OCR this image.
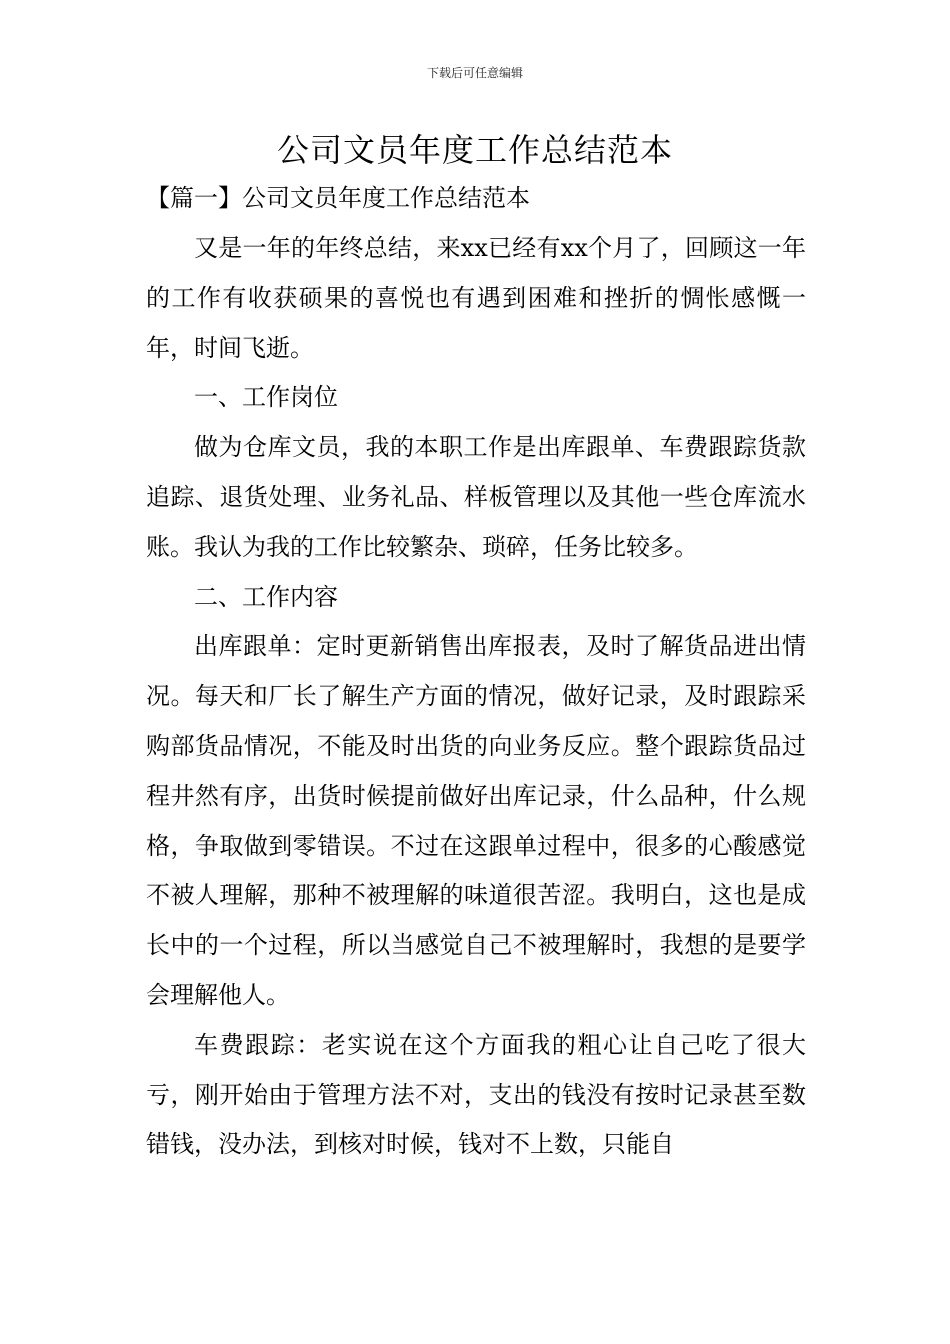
下载后可任意编辑
公司文员年度工作总结范本
【篇一】公司文员年度工作总结范本

又是一年的年终总结，来xx已经有xx个月了，回顾这一年的工作有收获硕果的喜悦也有遇到困难和挫折的惆怅感慨一年，时间飞逝。

一、工作岗位

做为仓库文员，我的本职工作是出库跟单、车费跟踪货款追踪、退货处理、业务礼品、样板管理以及其他一些仓库流水账。我认为我的工作比较繁杂、琐碎，任务比较多。

二、工作内容

出库跟单：定时更新销售出库报表，及时了解货品进出情况。每天和厂长了解生产方面的情况，做好记录，及时跟踪采购部货品情况，不能及时出货的向业务反应。整个跟踪货品过程井然有序，出货时候提前做好出库记录，什么品种，什么规格，争取做到零错误。不过在这跟单过程中，很多的心酸感觉不被人理解，那种不被理解的味道很苦涩。我明白，这也是成长中的一个过程，所以当感觉自己不被理解时，我想的是要学会理解他人。

车费跟踪：老实说在这个方面我的粗心让自己吃了很大亏，刚开始由于管理方法不对，支出的钱没有按时记录甚至数错钱，没办法，到核对时候，钱对不上数，只能自
